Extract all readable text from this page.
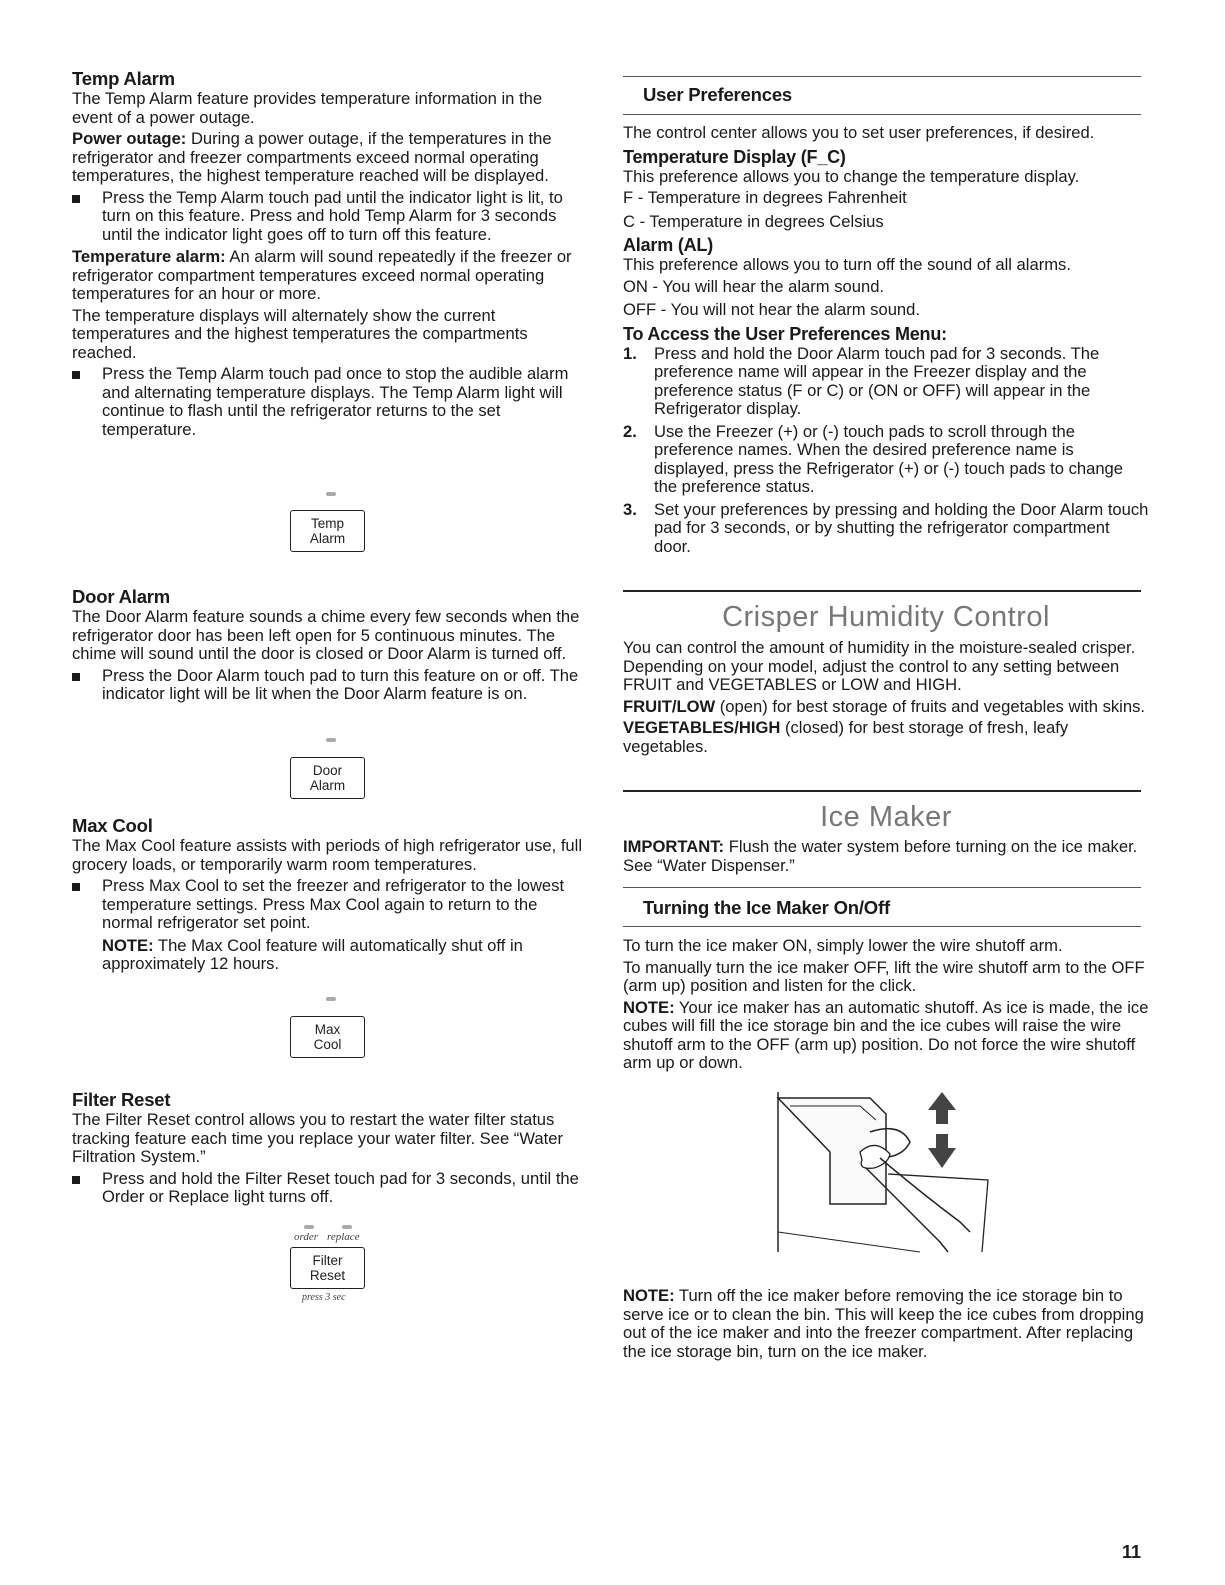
Temp Alarm

The Temp Alarm feature provides temperature information in the event of a power outage.

Power outage: During a power outage, if the temperatures in the refrigerator and freezer compartments exceed normal operating temperatures, the highest temperature reached will be displayed.

Press the Temp Alarm touch pad until the indicator light is lit, to turn on this feature. Press and hold Temp Alarm for 3 seconds until the indicator light goes off to turn off this feature.

Temperature alarm: An alarm will sound repeatedly if the freezer or refrigerator compartment temperatures exceed normal operating temperatures for an hour or more.

The temperature displays will alternately show the current temperatures and the highest temperatures the compartments reached.

Press the Temp Alarm touch pad once to stop the audible alarm and alternating temperature displays. The Temp Alarm light will continue to flash until the refrigerator returns to the set temperature.

Temp
Alarm
Door Alarm

The Door Alarm feature sounds a chime every few seconds when the refrigerator door has been left open for 5 continuous minutes. The chime will sound until the door is closed or Door Alarm is turned off.

Press the Door Alarm touch pad to turn this feature on or off. The indicator light will be lit when the Door Alarm feature is on.

Door
Alarm
Max Cool

The Max Cool feature assists with periods of high refrigerator use, full grocery loads, or temporarily warm room temperatures.

Press Max Cool to set the freezer and refrigerator to the lowest temperature settings. Press Max Cool again to return to the normal refrigerator set point.

NOTE: The Max Cool feature will automatically shut off in approximately 12 hours.

Max
Cool
Filter Reset

The Filter Reset control allows you to restart the water filter status tracking feature each time you replace your water filter. See “Water Filtration System.”

Press and hold the Filter Reset touch pad for 3 seconds, until the Order or Replace light turns off.

order replace
Filter
Reset
press 3 sec
User Preferences

The control center allows you to set user preferences, if desired.

Temperature Display (F_C)

This preference allows you to change the temperature display.

F - Temperature in degrees Fahrenheit

C - Temperature in degrees Celsius

Alarm (AL)

This preference allows you to turn off the sound of all alarms.

ON - You will hear the alarm sound.

OFF - You will not hear the alarm sound.

To Access the User Preferences Menu:

1. Press and hold the Door Alarm touch pad for 3 seconds. The preference name will appear in the Freezer display and the preference status (F or C) or (ON or OFF) will appear in the Refrigerator display.

2. Use the Freezer (+) or (-) touch pads to scroll through the preference names. When the desired preference name is displayed, press the Refrigerator (+) or (-) touch pads to change the preference status.

3. Set your preferences by pressing and holding the Door Alarm touch pad for 3 seconds, or by shutting the refrigerator compartment door.

Crisper Humidity Control

You can control the amount of humidity in the moisture-sealed crisper. Depending on your model, adjust the control to any setting between FRUIT and VEGETABLES or LOW and HIGH.

FRUIT/LOW (open) for best storage of fruits and vegetables with skins.

VEGETABLES/HIGH (closed) for best storage of fresh, leafy vegetables.

Ice Maker

IMPORTANT: Flush the water system before turning on the ice maker. See “Water Dispenser.”

Turning the Ice Maker On/Off

To turn the ice maker ON, simply lower the wire shutoff arm.

To manually turn the ice maker OFF, lift the wire shutoff arm to the OFF (arm up) position and listen for the click.

NOTE: Your ice maker has an automatic shutoff. As ice is made, the ice cubes will fill the ice storage bin and the ice cubes will raise the wire shutoff arm to the OFF (arm up) position. Do not force the wire shutoff arm up or down.

NOTE: Turn off the ice maker before removing the ice storage bin to serve ice or to clean the bin. This will keep the ice cubes from dropping out of the ice maker and into the freezer compartment. After replacing the ice storage bin, turn on the ice maker.

11
